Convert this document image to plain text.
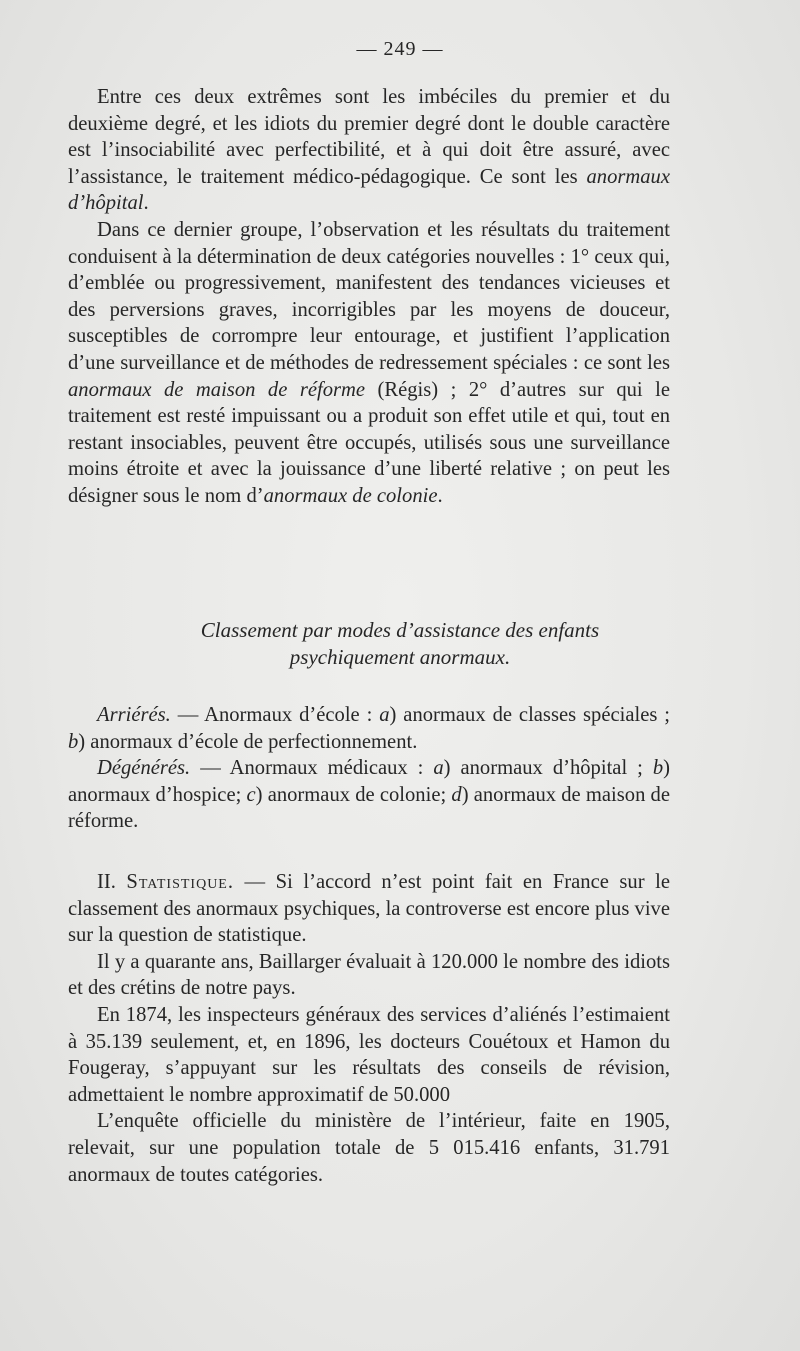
— 249 —

Entre ces deux extrêmes sont les imbéciles du premier et du deuxième degré, et les idiots du premier degré dont le double caractère est l’insociabilité avec perfectibilité, et à qui doit être assuré, avec l’assistance, le traitement médico-pédagogique. Ce sont les anormaux d’hôpital.

Dans ce dernier groupe, l’observation et les résultats du traitement conduisent à la détermination de deux catégories nouvelles : 1° ceux qui, d’emblée ou progressivement, manifestent des tendances vicieuses et des perversions graves, incorrigibles par les moyens de douceur, susceptibles de corrompre leur entourage, et justifient l’application d’une surveillance et de méthodes de redressement spéciales : ce sont les anormaux de maison de réforme (Régis) ; 2° d’autres sur qui le traitement est resté impuissant ou a produit son effet utile et qui, tout en restant insociables, peuvent être occupés, utilisés sous une surveillance moins étroite et avec la jouissance d’une liberté relative ; on peut les désigner sous le nom d’anormaux de colonie.

Classement par modes d’assistance des enfants
psychiquement anormaux.

Arriérés. — Anormaux d’école : a) anormaux de classes spéciales ; b) anormaux d’école de perfectionnement.

Dégénérés. — Anormaux médicaux : a) anormaux d’hôpital ; b) anormaux d’hospice; c) anormaux de colonie; d) anormaux de maison de réforme.

II. Statistique. — Si l’accord n’est point fait en France sur le classement des anormaux psychiques, la controverse est encore plus vive sur la question de statistique.

Il y a quarante ans, Baillarger évaluait à 120.000 le nombre des idiots et des crétins de notre pays.

En 1874, les inspecteurs généraux des services d’aliénés l’estimaient à 35.139 seulement, et, en 1896, les docteurs Couétoux et Hamon du Fougeray, s’appuyant sur les résultats des conseils de révision, admettaient le nombre approximatif de 50.000

L’enquête officielle du ministère de l’intérieur, faite en 1905, relevait, sur une population totale de 5 015.416 enfants, 31.791 anormaux de toutes catégories.
